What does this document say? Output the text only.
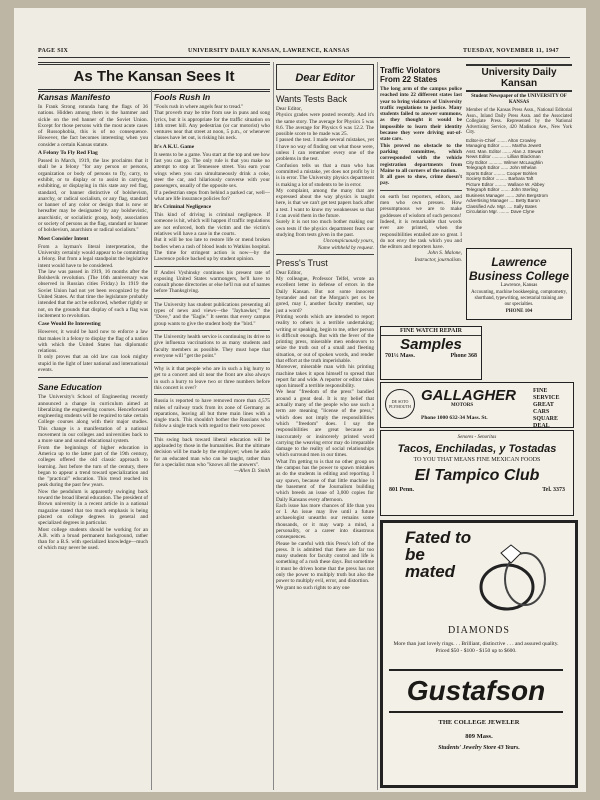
PAGE SIX	UNIVERSITY DAILY KANSAN, LAWRENCE, KANSAS	TUESDAY, NOVEMBER 11, 1947
As The Kansan Sees It
Kansas Manifesto
In Frank Strong rotunda hang the flags of 36 nations. Hidden among them is the hammer and sickle on the red banner of the Soviet Union. Except for those persons with the most acute cases of Russophobia, this is of no consequence. However, the fact becomes interesting when you consider a certain Kansas statute.
A Felony To Fly Red Flag
Passed in March, 1919, the law proclaims that it shall be a felony "for any person or persons, organization or body of persons to fly, carry, to exhibit, or to display or to assist in carrying, exhibiting, or displaying in this state any red flag, standard, or banner distinctive of bolshevism, anarchy, or radical socialism, or any flag, standard or banner of any color or design that is now or hereafter may be designated by any bolshevistic, anarchistic, or socialistic group, body, association or society of persons as the flag, standard or banner of bolshevism, anarchism or radical socialism."
Most Consider Intent
From a layman's literal interpretation, the University certainly would appear to be committing a felony. But from a legal standpoint the legislative intent would have to be considered.
The law was passed in 1919, 16 months after the Bolshevik revolution. (The 16th anniversary was observed in Russian cities Friday.) In 1919 the Soviet Union had not yet been recognized by the United States. At that time the legislature probably intended that the act be enforced, whether rightly or not, on the grounds that display of such a flag was incitement to revolution.
Case Would Be Interesting
However, it would be hard now to enforce a law that makes it a felony to display the flag of a nation with which the United States has diplomatic relations.
It only proves that an old law can look mighty stupid in the light of later national and international events.
Sane Education
The University's School of Engineering recently announced a change in curriculum aimed at liberalizing the engineering courses. Henceforward engineering students will be required to take certain College courses along with their major studies. This change is a manifestation of a national movement in our colleges and universities back to a more sane and sound educational system.
From the beginnings of higher education in America up to the latter part of the 19th century, colleges offered the old classic approach to learning. Just before the turn of the century, there began to appear a trend toward specialization and the "practical" education. This trend reached its peak during the past few years.
Now the pendulum is apparently swinging back toward the broad liberal education. The president of Brown university in a recent article in a national magazine stated that too much emphasis is being placed on college degrees in general and specialized degrees in particular.
Most college students should be working for an A.B. with a broad permanent background, rather than for a B.S. with specialized knowledge—much of which may never be used.
Fools Rush In
"Fools rush in where angels fear to tread."
That proverb may be trite from use in puns and song lyrics, but it is appropriate for the traffic situation on 14th street hill. Any pedestrian (or car motorist) who ventures near that street at noon, 5 p.m., or whenever classes have let out, is risking his neck.
It's A K.U. Game
It seems to be a game. You start at the top and see how fast you can go. The only rule is that you make no attempt to stop at Tennessee street. You earn your wings when you can simultaneously drink a coke, steer the car, and hilariously converse with your passengers, usually of the opposite sex.
If a pedestrian steps from behind a parked car, well—what are life insurance policies for?
It's Criminal Negligence
This kind of driving is criminal negligence. If someone is hit, which will happen if traffic regulations are not enforced, both the victim and the victim's relatives will have a case in the courts.
But it will be too late to restore life or mend broken bodies when a rash of blood leads to Watkins hospital. The time for stringent action is now—by the Lawrence police backed up by student opinion.
If Andrei Vyshinsky continues his present rate of exposing United States warmongers, he'll have to consult phone directories or else he'll run out of names before Thanksgiving.
The University has student publications presenting all types of news and views—the "Jayhawker," the "Dove," and the "Eagle." It seems that every campus group wants to give the student body the "bird."
The University health service is continuing its drive to give influenza vaccinations to as many students and faculty members as possible. They must hope that everyone will "get the point."
Why is it that people who are in such a big hurry to get to a concert and sit near the front are also always in such a hurry to leave two or three numbers before this concert is over?
Russia is reported to have removed more than 4,575 miles of railway track from its zone of Germany as reparations, leaving all but three main lines with a single track. This shouldn't bother the Russians who follow a single track with regard to their veto power.
This swing back toward liberal education will be applauded by those in the humanities. But the ultimate decision will be made by the employer; when he asks for an educated man who can be taught, rather than for a specialist man who "knows all the answers".
—Allen D. Smith
Dear Editor
Wants Tests Back
Dear Editor,
Physics grades were posted recently. And it's the same story. The average for Physics 5 was 8.6. The average for Physics 6 was 12.2. The possible score to be made was 25.
I passed the test. I made several mistakes, yet I have no way of finding out what those were, unless I can remember every one of the problems in the test.
Confusion tells us that a man who has committed a mistake, yet does not profit by it is in error. The University physics department is making a lot of students to be in error.
My complaint, among the many that are expressed about the way physics is taught here, is that we can't get test papers back after a test. I want to know my weaknesses so that I can avoid them in the future.
Surely it is not too much bother making our own tests if the physics department fears our studying from tests given in the past.
Unconspicuously yours,
Name withheld by request.
Press's Trust
Dear Editor,
My colleague, Professor Telfel, wrote an excellent letter in defense of errors in the Daily Kansan. But not some innocent bystander and not the Morgan's pet ox be gored, may I, another faculty member, say just a word?
Printing words which are intended to report reality to others is a terrible undertaking; writing or speaking, begin to me, other person is difficult enough. But with the fever of the printing press, miserable men endeavors to seize the truth out of a small and fleeting situation, or out of spoken words, and render that effort at the truth imperishable.
Moreover, miserable man with his printing machine takes it upon himself to spread that report far and wide. A reporter or editor takes upon himself a terrible responsibility.
We hear "freedom of the press" bandied around a great deal. It is my belief that actually many of the people who use such a term are meaning "license of the press," which does not imply the responsibilities which "freedom" does. I say the responsibilities are great because an inaccurately or insincerely printed word carrying the weaving error may do irreparable damage to the reality of social relationships which surround men in our times.
What I'm getting to is that no other group on the campus has the power to spawn mistakes as do the students in editing and reporting. I say spawn, because of that little machine in the basement of the Journalism building which breeds an issue of 3,000 copies for Daily Kansans every afternoon.
Each issue has more chances of life than you or I. An issue may live until a future archaeologist unearths our remains some thousands, or it may warp a mind, a personality, or a career into disastrous consequences.
Please be careful with this Press's loft of the press. It is admitted that there are far too many students for faculty control and life is something of a rush these days. But sometime it must be driven home that the press has not only the power to multiply truth but also the power to multiply evil, error, and distortion.
We grant no such rights to any one
Traffic Violators From 22 States
The long arm of the campus police reached into 22 different states last year to bring violators of University traffic regulations to justice. Many students failed to answer summons, as they thought it would be impossible to learn their identity because they were driving out-of-state cars.
This proved no obstacle to the parking committee, which corresponded with the vehicle registration departments from Maine to all corners of the nation.
It all goes to show, crime doesn't pay.
on earth but reporters, editors, and men who own presses. How presumptuous we are to make goddesses of wisdom of such persons!
Indeed, it is remarkable that words ever are printed, when the responsibilities entailed are so great. I do not envy the task which you and the editors and reporters have.
John S. Malone,
Instructor, journalism.
University Daily Kansan
Student Newspaper of the UNIVERSITY OF KANSAS
Member of the Kansas Press Assn., National Editorial Assn., Inland Daily Press Assn. and the Associated Collegiate Press. Represented by the National Advertising Service, 420 Madison Ave., New York City.
Editor-in-Chief ........ Alton Crowley
Managing Editor ........ Martha Jewett
Asst. Man. Editor ....... Alan J. Stewart
News Editor ........... Lillian Blackman
City Editor ........... Wilmer McLaughlin
Telegraph Editor ...... John Whelan
Sports Editor ......... Cooper Bohlen
Society Editor ......... Barbara Taft
Picture Editor ......... Wallace W. Abbey
Telegraph Editor ....... John Sterling
Business Manager ....... John Bergstrom
Advertising Manager .... Betty Baron
Classified Adv. Mgr. .... Sally Bates
Circulation Mgr. ........ Dave Clyne
Lawrence Business College
Lawrence, Kansas
Accounting, machine bookkeeping, comptometry, shorthand, typewriting, secretarial training are our specialties.
PHONE 104
FINE WATCH REPAIR
Samples
701½ Mass.	Phone 368
DE SOTO PLYMOUTH
GALLAGHER
MOTORS
Phone 1000 632-34 Mass. St.
FINE SERVICE GREAT CARS SQUARE DEAL
Senores - Senoritas
Tacos, Enchiladas, y Tostadas
TO YOU THAT MEANS FINE MEXICAN FOODS
El Tampico Club
801 Penn.	Tel. 3373
Fated to be mated
DIAMONDS
More than just lovely rings. . . Brilliant, distinctive . . . and assured quality. Priced $50 - $100 - $150 up to $600.
Gustafson
THE COLLEGE JEWELER
809 Mass.
Students' Jewelry Store 43 Years.
